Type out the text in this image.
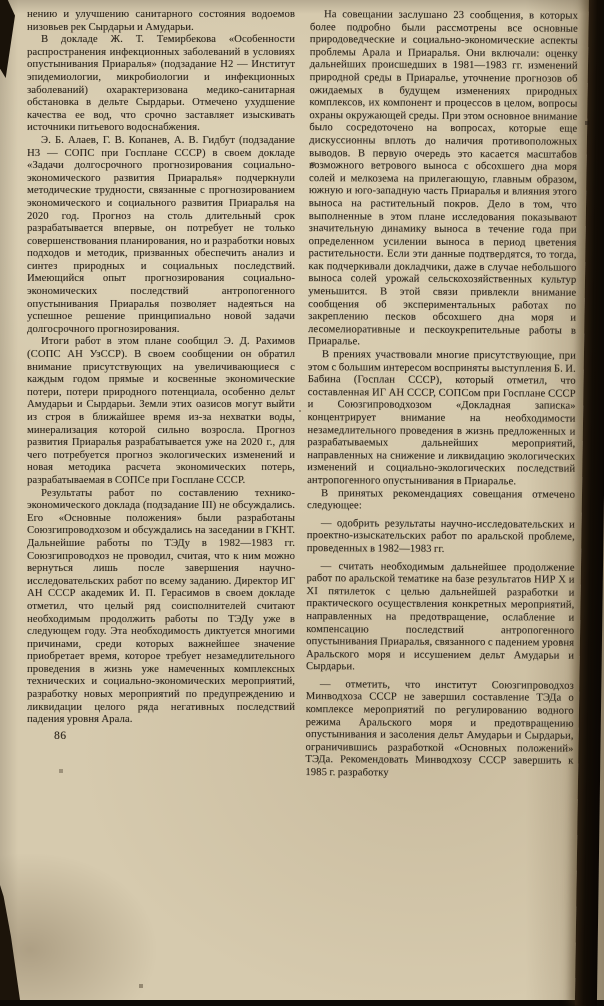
нению и улучшению санитарного состояния водоемов низовьев рек Сырдарьи и Амударьи.

В докладе Ж. Т. Темирбекова «Особенности распространения инфекционных заболеваний в условиях опустынивания Приаралья» (подзадание Н2 — Институт эпидемиологии, микробиологии и инфекционных заболеваний) охарактеризована медико-санитарная обстановка в дельте Сырдарьи. Отмечено ухудшение качества ее вод, что срочно заставляет изыскивать источники питьевого водоснабжения.

Э. Б. Алаев, Г. В. Копанев, А. В. Гидбут (подзадание Н3 — СОПС при Госплане СССР) в своем докладе «Задачи долгосрочного прогнозирования социально-экономического развития Приаралья» подчеркнули методические трудности, связанные с прогнозированием экономического и социального развития Приаралья на 2020 год. Прогноз на столь длительный срок разрабатывается впервые, он потребует не только совершенствования планирования, но и разработки новых подходов и методик, призванных обеспечить анализ и синтез природных и социальных последствий. Имеющийся опыт прогнозирования социально-экономических последствий антропогенного опустынивания Приаралья позволяет надеяться на успешное решение принципиально новой задачи долгосрочного прогнозирования.

Итоги работ в этом плане сообщил Э. Д. Рахимов (СОПС АН УзССР). В своем сообщении он обратил внимание присутствующих на увеличивающиеся с каждым годом прямые и косвенные экономические потери, потери природного потенциала, особенно дельт Амударьи и Сырдарьи. Земли этих оазисов могут выйти из строя в ближайшее время из-за нехватки воды, минерализация которой сильно возросла. Прогноз развития Приаралья разрабатывается уже на 2020 г., для чего потребуется прогноз экологических изменений и новая методика расчета экономических потерь, разрабатываемая в СОПСе при Госплане СССР.

Результаты работ по составлению технико-экономического доклада (подзадание III) не обсуждались. Его «Основные положения» были разработаны Союзгипроводхозом и обсуждались на заседании в ГКНТ. Дальнейшие работы по ТЭДу в 1982—1983 гг. Союзгипроводхоз не проводил, считая, что к ним можно вернуться лишь после завершения научно-исследовательских работ по всему заданию. Директор ИГ АН СССР академик И. П. Герасимов в своем докладе отметил, что целый ряд соисполнителей считают необходимым продолжить работы по ТЭДу уже в следующем году. Эта необходимость диктуется многими причинами, среди которых важнейшее значение приобретает время, которое требует незамедлительного проведения в жизнь уже намеченных комплексных технических и социально-экономических мероприятий, разработку новых мероприятий по предупреждению и ликвидации целого ряда негативных последствий падения уровня Арала.

86

На совещании заслушано 23 сообщения, в которых более подробно были рассмотрены все основные природоведческие и социально-экономические аспекты проблемы Арала и Приаралья. Они включали: оценку дальнейших происшедших в 1981—1983 гг. изменений природной среды в Приаралье, уточнение прогнозов об ожидаемых в будущем изменениях природных комплексов, их компонент и процессов в целом, вопросы охраны окружающей среды. При этом основное внимание было сосредоточено на вопросах, которые еще дискуссионны вплоть до наличия противоположных выводов. В первую очередь это касается масштабов возможного ветрового выноса с обсохшего дна моря солей и мелкозема на прилегающую, главным образом, южную и юго-западную часть Приаралья и влияния этого выноса на растительный покров. Дело в том, что выполненные в этом плане исследования показывают значительную динамику выноса в течение года при определенном усилении выноса в период цветения растительности. Если эти данные подтвердятся, то тогда, как подчеркивали докладчики, даже в случае небольшого выноса солей урожай сельскохозяйственных культур уменьшится. В этой связи привлекли внимание сообщения об экспериментальных работах по закреплению песков обсохшего дна моря и лесомелиоративные и пескоукрепительные работы в Приаралье.

В прениях участвовали многие присутствующие, при этом с большим интересом восприняты выступления Б. И. Бабина (Госплан СССР), который отметил, что составленная ИГ АН СССР, СОПСом при Госплане СССР и Союзгипроводхозом «Докладная записка» концентрирует внимание на необходимости незамедлительного проведения в жизнь предложенных и разрабатываемых дальнейших мероприятий, направленных на снижение и ликвидацию экологических изменений и социально-экологических последствий антропогенного опустынивания в Приаралье.

В принятых рекомендациях совещания отмечено следующее:

— одобрить результаты научно-исследовательских и проектно-изыскательских работ по аральской проблеме, проведенных в 1982—1983 гг.

— считать необходимым дальнейшее продолжение работ по аральской тематике на базе результатов НИР X и XI пятилеток с целью дальнейшей разработки и практического осуществления конкретных мероприятий, направленных на предотвращение, ослабление и компенсацию последствий антропогенного опустынивания Приаралья, связанного с падением уровня Аральского моря и иссушением дельт Амударьи и Сырдарьи.

— отметить, что институт Союзгипроводхоз Минводхоза СССР не завершил составление ТЭДа о комплексе мероприятий по регулированию водного режима Аральского моря и предотвращению опустынивания и засоления дельт Амударьи и Сырдарьи, ограничившись разработкой «Основных положений» ТЭДа. Рекомендовать Минводхозу СССР завершить к 1985 г. разработку
